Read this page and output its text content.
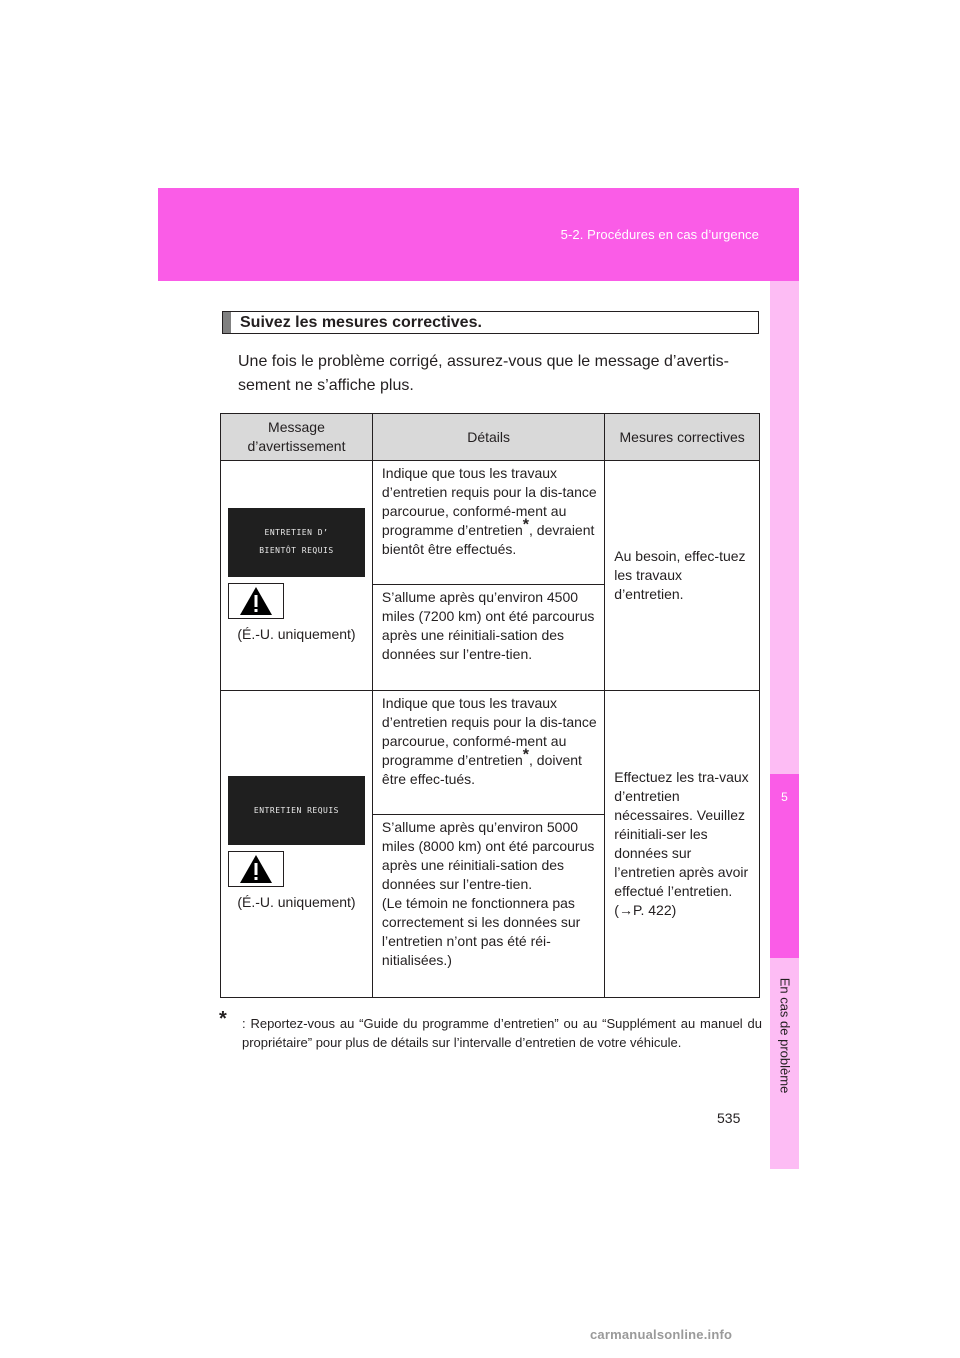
5-2. Procédures en cas d’urgence
5
En cas de problème
Suivez les mesures correctives.
Une fois le problème corrigé, assurez-vous que le message d’avertis-sement ne s’affiche plus.
Message d’avertissement	Détails	Mesures correctives

ENTRETIEN D’
BIENTÔT REQUIS
(É.-U. uniquement)	Indique que tous les travaux d’entretien requis pour la dis-tance parcourue, conformé-ment au programme d’entretien*, devraient bientôt être effectués.	Au besoin, effec-tuez les travaux d’entretien.
	S’allume après qu’environ 4500 miles (7200 km) ont été parcourus après une réinitiali-sation des données sur l’entre-tien.	

ENTRETIEN REQUIS
(É.-U. uniquement)	Indique que tous les travaux d’entretien requis pour la dis-tance parcourue, conformé-ment au programme d’entretien*, doivent être effec-tués.	Effectuez les tra-vaux d’entretien nécessaires. Veuillez réinitiali-ser les données sur l’entretien après avoir effectué l’entretien. (→P. 422)

	S’allume après qu’environ 5000 miles (8000 km) ont été parcourus après une réinitiali-sation des données sur l’entre-tien.
(Le témoin ne fonctionnera pas correctement si les données sur l’entretien n’ont pas été réi-nitialisées.)	
*	: Reportez-vous au “Guide du programme d’entretien” ou au “Supplément au manuel du propriétaire” pour plus de détails sur l’intervalle d’entretien de votre véhicule.
535
carmanualsonline.info
